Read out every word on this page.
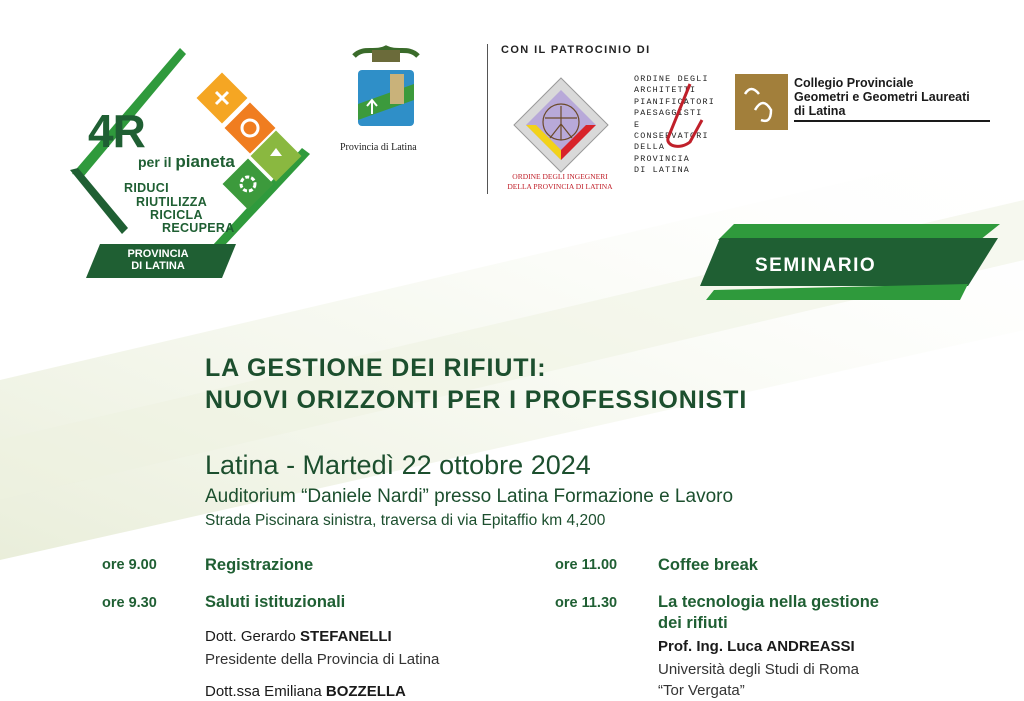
4R
per il pianeta
RIDUCI
RIUTILIZZA
RICICLA
RECUPERA
PROVINCIA
DI LATINA
Provincia di Latina
CON IL PATROCINIO DI
ORDINE DEGLI INGEGNERI
DELLA PROVINCIA DI LATINA
ORDINE DEGLI
ARCHITETTI
PIANIFICATORI
PAESAGGISTI
E CONSERVATORI
DELLA PROVINCIA
DI LATINA
Collegio Provinciale
Geometri e Geometri Laureati
di Latina
SEMINARIO
LA GESTIONE DEI RIFIUTI:
NUOVI ORIZZONTI PER I PROFESSIONISTI
Latina - Martedì 22 ottobre 2024
Auditorium “Daniele Nardi” presso Latina Formazione e Lavoro
Strada Piscinara sinistra, traversa di via Epitaffio km 4,200
ore 9.00	Registrazione
ore 9.30	Saluti istituzionali
Dott. Gerardo STEFANELLI
Presidente della Provincia di Latina
Dott.ssa Emiliana BOZZELLA
ore 11.00 Coffee break
ore 11.30 La tecnologia nella gestione
dei rifiuti
Prof. Ing. Luca ANDREASSI
Università degli Studi di Roma
“Tor Vergata”
